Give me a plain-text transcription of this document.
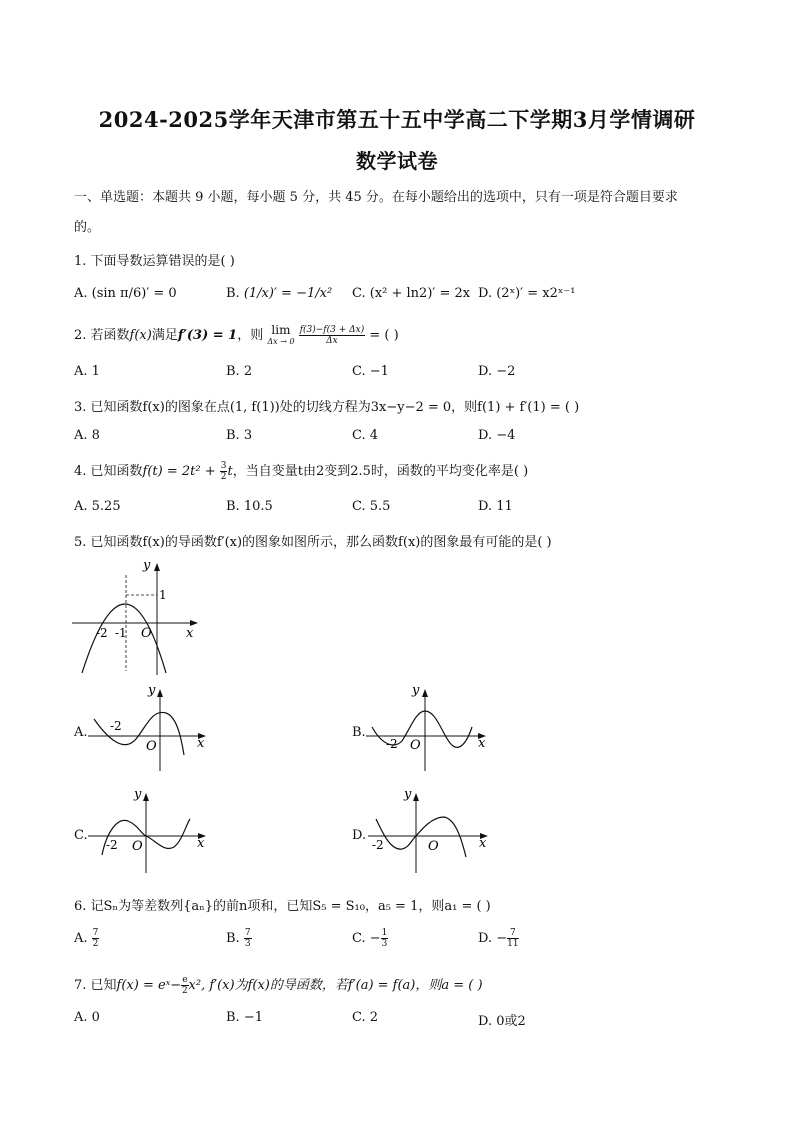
2024-2025学年天津市第五十五中学高二下学期3月学情调研
数学试卷
一、单选题：本题共 9 小题，每小题 5 分，共 45 分。在每小题给出的选项中，只有一项是符合题目要求
的。
1. 下面导数运算错误的是( )
A. (sin π/6)′ = 0	B. (1/x)′ = −1/x² C. (x² + ln2)′ = 2x D. (2ˣ)′ = x2ˣ⁻¹
2. 若函数f(x)满足f′(3) = 1，则 lim
Δx → 0
$\frac{f(3)-f(3 + \Delta x)}{\Delta x}$ = ( )
A. 1	B. 2	C. −1	D. −2
3. 已知函数f(x)的图象在点(1, f(1))处的切线方程为3x−y−2 = 0，则f(1) + f′(1) = ( )
A. 8	B. 3	C. 4	D. −4
4. 已知函数$f(t) = 2t^2 + \frac{3}{2}$ t，当自变量t由2变到2.5时，函数的平均变化率是( )
A. 5.25	B. 10.5	C. 5.5	D. 11
5. 已知函数f(x)的导函数f′(x)的图象如图所示，那么函数f(x)的图象最有可能的是( )
y
x
O
1
-2 -1
A.
y
x
O
-2	B.
y
x
O
-2
C.
y
x
O
-2
D.
y
x
O
-2
6. 记Sₙ为等差数列{aₙ}的前n项和，已知S₅ = S₁₀，a₅ = 1，则a₁ = ( )
A. $\frac{7}{2}$	B. $\frac{7}{3}$	C. − $\frac{1}{3}$	D. − $\frac{7}{11}$
7. 已知f(x) = eˣ− $\frac{e}{2} x^2$, f′(x)为f(x)的导函数，若f′(a) = f(a)，则a = ( )
A. 0	B. −1	C. 2	D. 0或2
